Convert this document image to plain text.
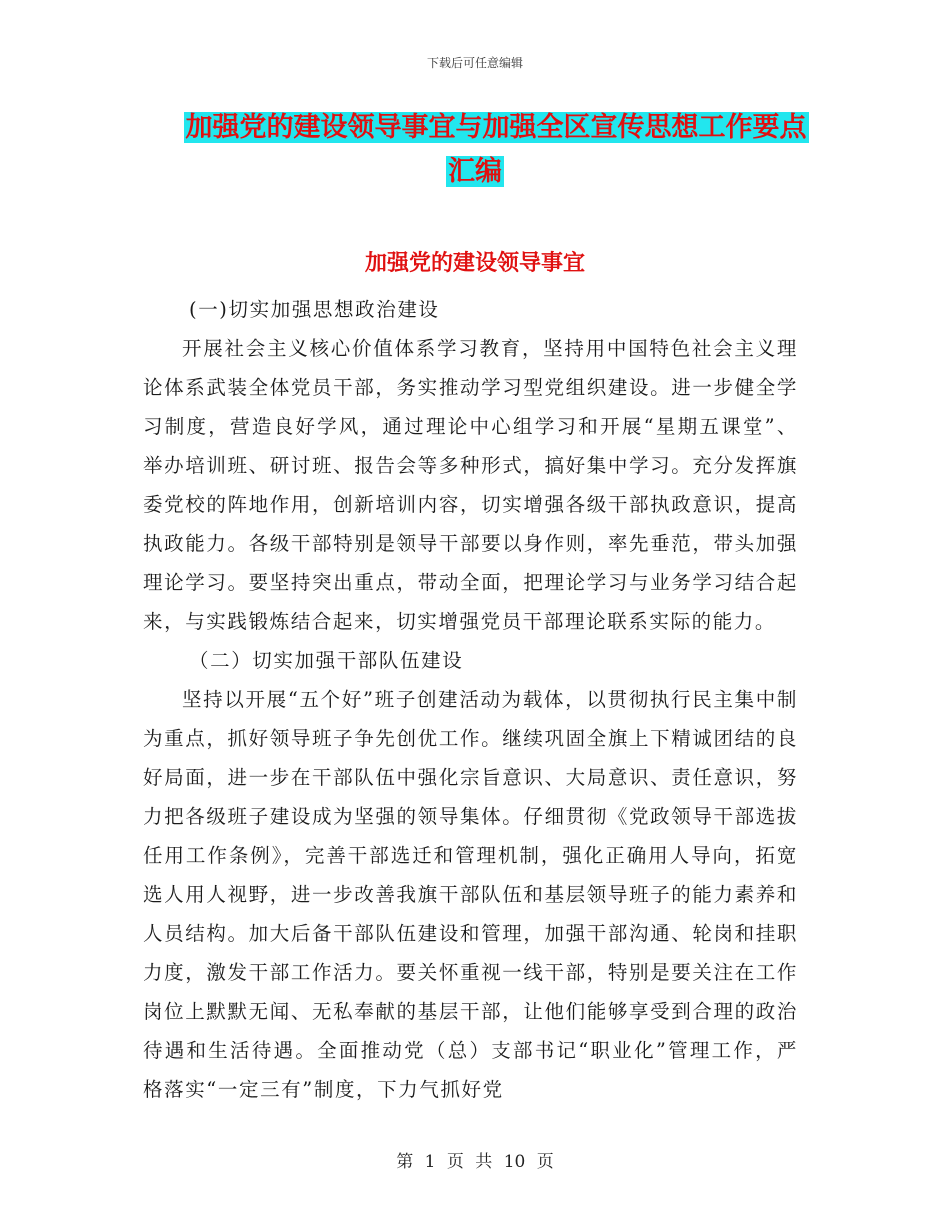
下载后可任意编辑
加强党的建设领导事宜与加强全区宣传思想工作要点
汇编
加强党的建设领导事宜

(一)切实加强思想政治建设

开展社会主义核心价值体系学习教育，坚持用中国特色社会主义理论体系武装全体党员干部，务实推动学习型党组织建设。进一步健全学习制度，营造良好学风，通过理论中心组学习和开展“星期五课堂”、举办培训班、研讨班、报告会等多种形式，搞好集中学习。充分发挥旗委党校的阵地作用，创新培训内容，切实增强各级干部执政意识，提高执政能力。各级干部特别是领导干部要以身作则，率先垂范，带头加强理论学习。要坚持突出重点，带动全面，把理论学习与业务学习结合起来，与实践锻炼结合起来，切实增强党员干部理论联系实际的能力。

（二）切实加强干部队伍建设

坚持以开展“五个好”班子创建活动为载体，以贯彻执行民主集中制为重点，抓好领导班子争先创优工作。继续巩固全旗上下精诚团结的良好局面，进一步在干部队伍中强化宗旨意识、大局意识、责任意识，努力把各级班子建设成为坚强的领导集体。仔细贯彻《党政领导干部选拔任用工作条例》，完善干部选迁和管理机制，强化正确用人导向，拓宽选人用人视野，进一步改善我旗干部队伍和基层领导班子的能力素养和人员结构。加大后备干部队伍建设和管理，加强干部沟通、轮岗和挂职力度，激发干部工作活力。要关怀重视一线干部，特别是要关注在工作岗位上默默无闻、无私奉献的基层干部，让他们能够享受到合理的政治待遇和生活待遇。全面推动党（总）支部书记“职业化”管理工作，严格落实“一定三有”制度，下力气抓好党

第 1 页 共 10 页
